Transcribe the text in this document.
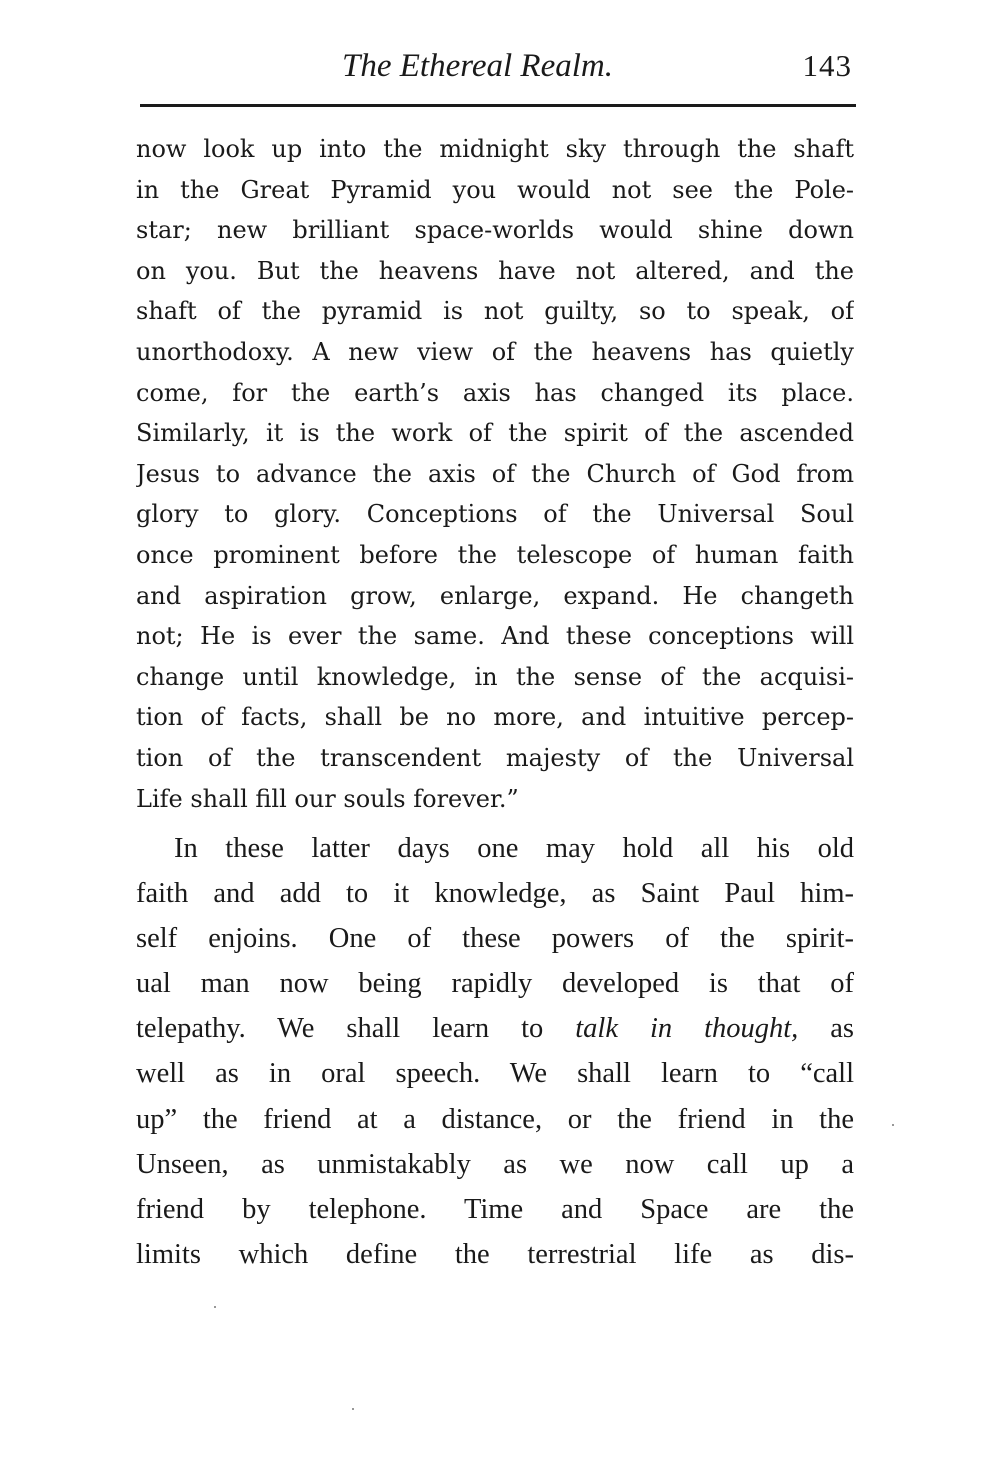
The Ethereal Realm.	143
now look up into the midnight sky through the shaft
in the Great Pyramid you would not see the Pole-
star; new brilliant space-worlds would shine down
on you. But the heavens have not altered, and the
shaft of the pyramid is not guilty, so to speak, of
unorthodoxy. A new view of the heavens has quietly
come, for the earth’s axis has changed its place.
Similarly, it is the work of the spirit of the ascended
Jesus to advance the axis of the Church of God from
glory to glory. Conceptions of the Universal Soul
once prominent before the telescope of human faith
and aspiration grow, enlarge, expand. He changeth
not; He is ever the same. And these conceptions will
change until knowledge, in the sense of the acquisi-
tion of facts, shall be no more, and intuitive percep-
tion of the transcendent majesty of the Universal
Life shall fill our souls forever.”
In these latter days one may hold all his old
faith and add to it knowledge, as Saint Paul him-
self enjoins. One of these powers of the spirit-
ual man now being rapidly developed is that of
telepathy. We shall learn to talk in thought, as
well as in oral speech. We shall learn to “call
up” the friend at a distance, or the friend in the
Unseen, as unmistakably as we now call up a
friend by telephone. Time and Space are the
limits which define the terrestrial life as dis-
